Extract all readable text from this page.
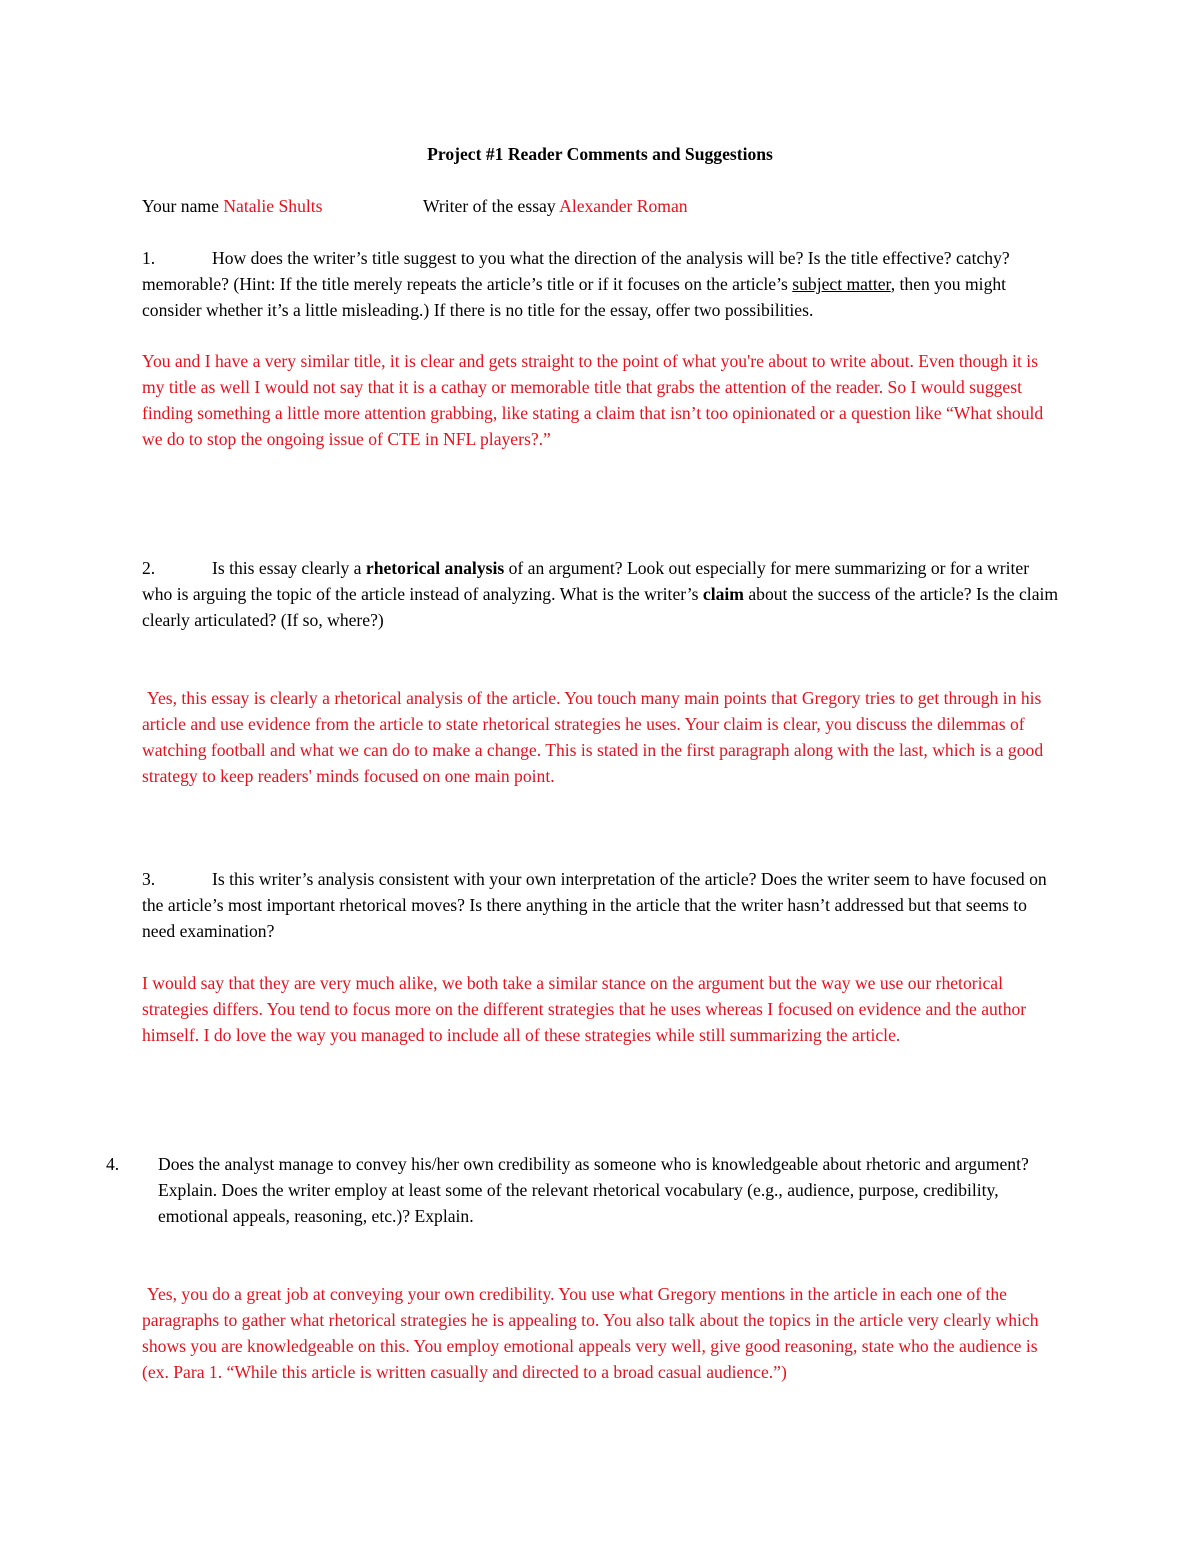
Project #1 Reader Comments and Suggestions
Your name Natalie Shults	Writer of the essay Alexander Roman
1.	How does the writer’s title suggest to you what the direction of the analysis will be? Is the title effective? catchy? memorable? (Hint: If the title merely repeats the article’s title or if it focuses on the article’s subject matter, then you might consider whether it’s a little misleading.) If there is no title for the essay, offer two possibilities.
You and I have a very similar title, it is clear and gets straight to the point of what you're about to write about. Even though it is my title as well I would not say that it is a cathay or memorable title that grabs the attention of the reader. So I would suggest finding something a little more attention grabbing, like stating a claim that isn’t too opinionated or a question like “What should we do to stop the ongoing issue of CTE in NFL players?.”
2.	Is this essay clearly a rhetorical analysis of an argument? Look out especially for mere summarizing or for a writer who is arguing the topic of the article instead of analyzing. What is the writer’s claim about the success of the article? Is the claim clearly articulated? (If so, where?)
Yes, this essay is clearly a rhetorical analysis of the article. You touch many main points that Gregory tries to get through in his article and use evidence from the article to state rhetorical strategies he uses. Your claim is clear, you discuss the dilemmas of watching football and what we can do to make a change. This is stated in the first paragraph along with the last, which is a good strategy to keep readers' minds focused on one main point.
3.	Is this writer’s analysis consistent with your own interpretation of the article? Does the writer seem to have focused on the article’s most important rhetorical moves? Is there anything in the article that the writer hasn’t addressed but that seems to need examination?
I would say that they are very much alike, we both take a similar stance on the argument but the way we use our rhetorical strategies differs. You tend to focus more on the different strategies that he uses whereas I focused on evidence and the author himself. I do love the way you managed to include all of these strategies while still summarizing the article.
4. Does the analyst manage to convey his/her own credibility as someone who is knowledgeable about rhetoric and argument? Explain. Does the writer employ at least some of the relevant rhetorical vocabulary (e.g., audience, purpose, credibility, emotional appeals, reasoning, etc.)? Explain.
Yes, you do a great job at conveying your own credibility. You use what Gregory mentions in the article in each one of the paragraphs to gather what rhetorical strategies he is appealing to. You also talk about the topics in the article very clearly which shows you are knowledgeable on this. You employ emotional appeals very well, give good reasoning, state who the audience is (ex. Para 1. “While this article is written casually and directed to a broad casual audience.”)
